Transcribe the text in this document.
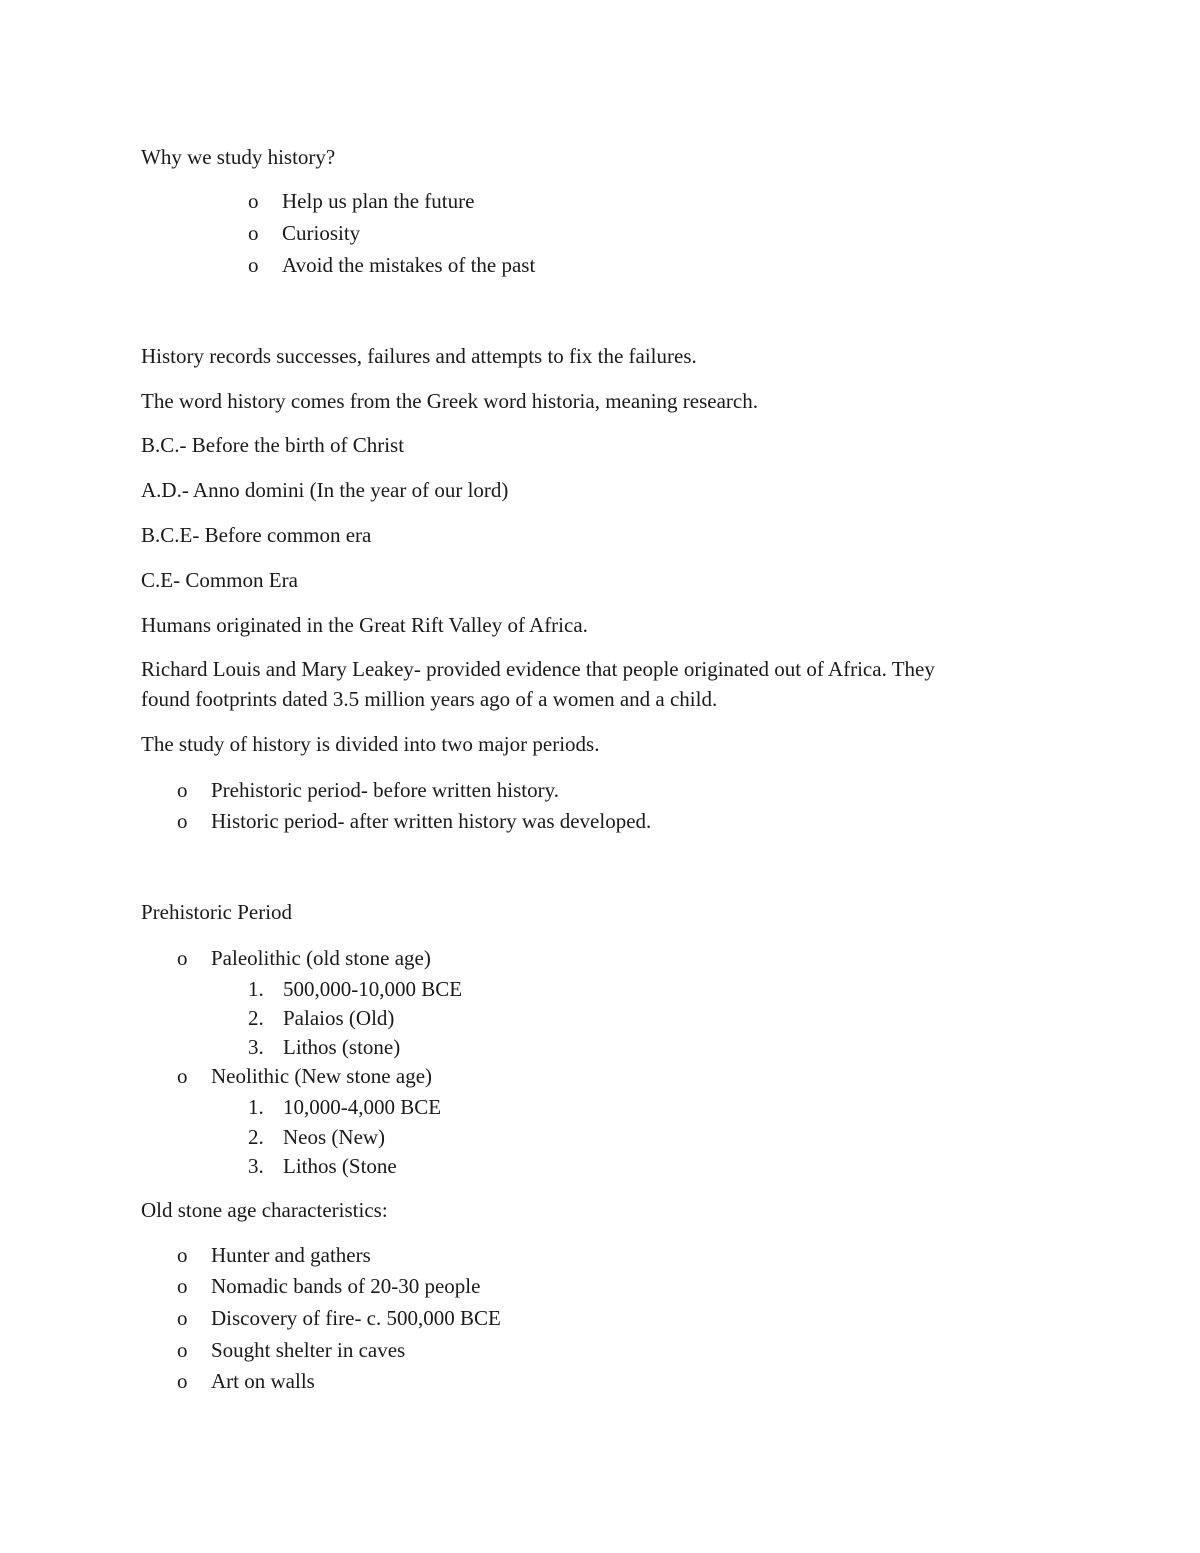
Why we study history?
o Help us plan the future
o Curiosity
o Avoid the mistakes of the past
History records successes, failures and attempts to fix the failures.
The word history comes from the Greek word historia, meaning research.
B.C.- Before the birth of Christ
A.D.- Anno domini (In the year of our lord)
B.C.E- Before common era
C.E- Common Era
Humans originated in the Great Rift Valley of Africa.
Richard Louis and Mary Leakey- provided evidence that people originated out of Africa. They
found footprints dated 3.5 million years ago of a women and a child.
The study of history is divided into two major periods.
o Prehistoric period- before written history.
o Historic period- after written history was developed.
Prehistoric Period
o Paleolithic (old stone age)
1. 500,000-10,000 BCE
2. Palaios (Old)
3. Lithos (stone)
o Neolithic (New stone age)
1. 10,000-4,000 BCE
2. Neos (New)
3. Lithos (Stone
Old stone age characteristics:
o Hunter and gathers
o Nomadic bands of 20-30 people
o Discovery of fire- c. 500,000 BCE
o Sought shelter in caves
o Art on walls
